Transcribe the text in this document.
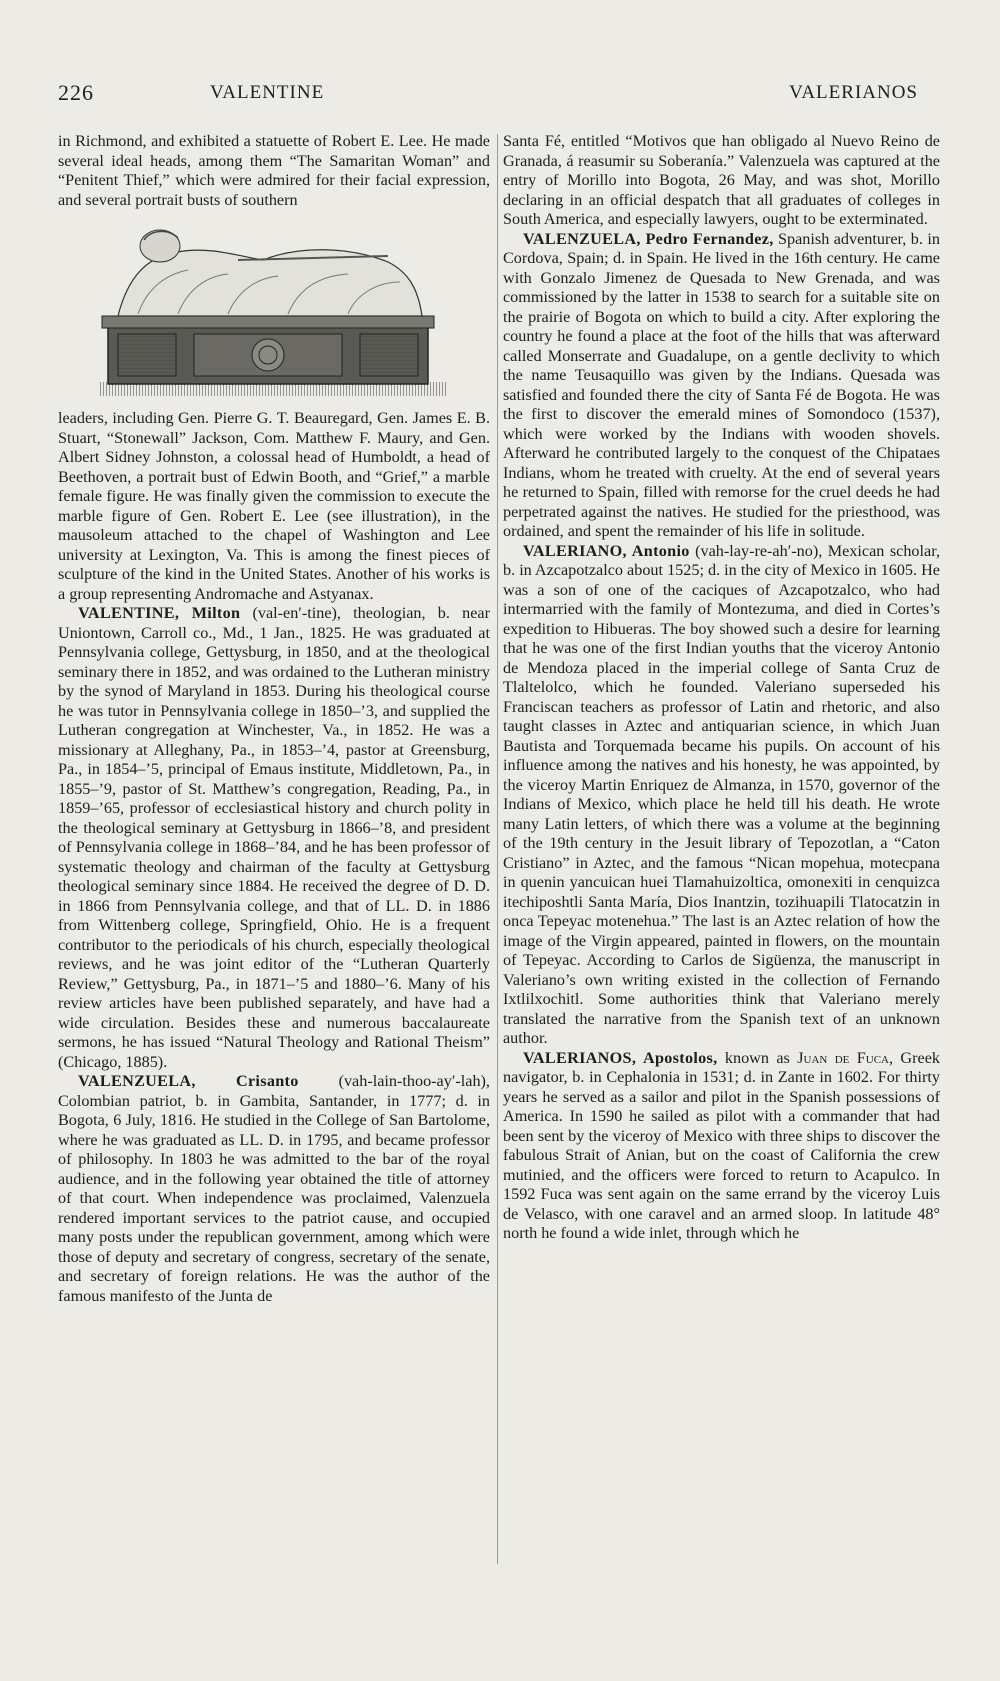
226	VALENTINE	VALERIANOS

in Richmond, and exhibited a statuette of Robert E. Lee. He made several ideal heads, among them “The Samaritan Woman” and “Penitent Thief,” which were admired for their facial expression, and several portrait busts of southern

leaders, including Gen. Pierre G. T. Beauregard, Gen. James E. B. Stuart, “Stonewall” Jackson, Com. Matthew F. Maury, and Gen. Albert Sidney Johnston, a colossal head of Humboldt, a head of Beethoven, a portrait bust of Edwin Booth, and “Grief,” a marble female figure. He was finally given the commission to execute the marble figure of Gen. Robert E. Lee (see illustration), in the mausoleum attached to the chapel of Washington and Lee university at Lexington, Va. This is among the finest pieces of sculpture of the kind in the United States. Another of his works is a group representing Andromache and Astyanax.

VALENTINE, Milton (val-en′-tine), theologian, b. near Uniontown, Carroll co., Md., 1 Jan., 1825. He was graduated at Pennsylvania college, Gettysburg, in 1850, and at the theological seminary there in 1852, and was ordained to the Lutheran ministry by the synod of Maryland in 1853. During his theological course he was tutor in Pennsylvania college in 1850–’3, and supplied the Lutheran congregation at Winchester, Va., in 1852. He was a missionary at Alleghany, Pa., in 1853–’4, pastor at Greensburg, Pa., in 1854–’5, principal of Emaus institute, Middletown, Pa., in 1855–’9, pastor of St. Matthew’s congregation, Reading, Pa., in 1859–’65, professor of ecclesiastical history and church polity in the theological seminary at Gettysburg in 1866–’8, and president of Pennsylvania college in 1868–’84, and he has been professor of systematic theology and chairman of the faculty at Gettysburg theological seminary since 1884. He received the degree of D. D. in 1866 from Pennsylvania college, and that of LL. D. in 1886 from Wittenberg college, Springfield, Ohio. He is a frequent contributor to the periodicals of his church, especially theological reviews, and he was joint editor of the “Lutheran Quarterly Review,” Gettysburg, Pa., in 1871–’5 and 1880–’6. Many of his review articles have been published separately, and have had a wide circulation. Besides these and numerous baccalaureate sermons, he has issued “Natural Theology and Rational Theism” (Chicago, 1885).

VALENZUELA, Crisanto (vah-lain-thoo-ay′-lah), Colombian patriot, b. in Gambita, Santander, in 1777; d. in Bogota, 6 July, 1816. He studied in the College of San Bartolome, where he was graduated as LL. D. in 1795, and became professor of philosophy. In 1803 he was admitted to the bar of the royal audience, and in the following year obtained the title of attorney of that court. When independence was proclaimed, Valenzuela rendered important services to the patriot cause, and occupied many posts under the republican government, among which were those of deputy and secretary of congress, secretary of the senate, and secretary of foreign relations. He was the author of the famous manifesto of the Junta de

Santa Fé, entitled “Motivos que han obligado al Nuevo Reino de Granada, á reasumir su Soberanía.” Valenzuela was captured at the entry of Morillo into Bogota, 26 May, and was shot, Morillo declaring in an official despatch that all graduates of colleges in South America, and especially lawyers, ought to be exterminated.

VALENZUELA, Pedro Fernandez, Spanish adventurer, b. in Cordova, Spain; d. in Spain. He lived in the 16th century. He came with Gonzalo Jimenez de Quesada to New Grenada, and was commissioned by the latter in 1538 to search for a suitable site on the prairie of Bogota on which to build a city. After exploring the country he found a place at the foot of the hills that was afterward called Monserrate and Guadalupe, on a gentle declivity to which the name Teusaquillo was given by the Indians. Quesada was satisfied and founded there the city of Santa Fé de Bogota. He was the first to discover the emerald mines of Somondoco (1537), which were worked by the Indians with wooden shovels. Afterward he contributed largely to the conquest of the Chipataes Indians, whom he treated with cruelty. At the end of several years he returned to Spain, filled with remorse for the cruel deeds he had perpetrated against the natives. He studied for the priesthood, was ordained, and spent the remainder of his life in solitude.

VALERIANO, Antonio (vah-lay-re-ah′-no), Mexican scholar, b. in Azcapotzalco about 1525; d. in the city of Mexico in 1605. He was a son of one of the caciques of Azcapotzalco, who had intermarried with the family of Montezuma, and died in Cortes’s expedition to Hibueras. The boy showed such a desire for learning that he was one of the first Indian youths that the viceroy Antonio de Mendoza placed in the imperial college of Santa Cruz de Tlaltelolco, which he founded. Valeriano superseded his Franciscan teachers as professor of Latin and rhetoric, and also taught classes in Aztec and antiquarian science, in which Juan Bautista and Torquemada became his pupils. On account of his influence among the natives and his honesty, he was appointed, by the viceroy Martin Enriquez de Almanza, in 1570, governor of the Indians of Mexico, which place he held till his death. He wrote many Latin letters, of which there was a volume at the beginning of the 19th century in the Jesuit library of Tepozotlan, a “Caton Cristiano” in Aztec, and the famous “Nican mopehua, motecpana in quenin yancuican huei Tlamahuizoltica, omonexiti in cenquizca itechiposhtli Santa María, Dios Inantzin, tozihuapili Tlatocatzin in onca Tepeyac motenehua.” The last is an Aztec relation of how the image of the Virgin appeared, painted in flowers, on the mountain of Tepeyac. According to Carlos de Sigüenza, the manuscript in Valeriano’s own writing existed in the collection of Fernando Ixtlilxochitl. Some authorities think that Valeriano merely translated the narrative from the Spanish text of an unknown author.

VALERIANOS, Apostolos, known as Juan de Fuca, Greek navigator, b. in Cephalonia in 1531; d. in Zante in 1602. For thirty years he served as a sailor and pilot in the Spanish possessions of America. In 1590 he sailed as pilot with a commander that had been sent by the viceroy of Mexico with three ships to discover the fabulous Strait of Anian, but on the coast of California the crew mutinied, and the officers were forced to return to Acapulco. In 1592 Fuca was sent again on the same errand by the viceroy Luis de Velasco, with one caravel and an armed sloop. In latitude 48° north he found a wide inlet, through which he
